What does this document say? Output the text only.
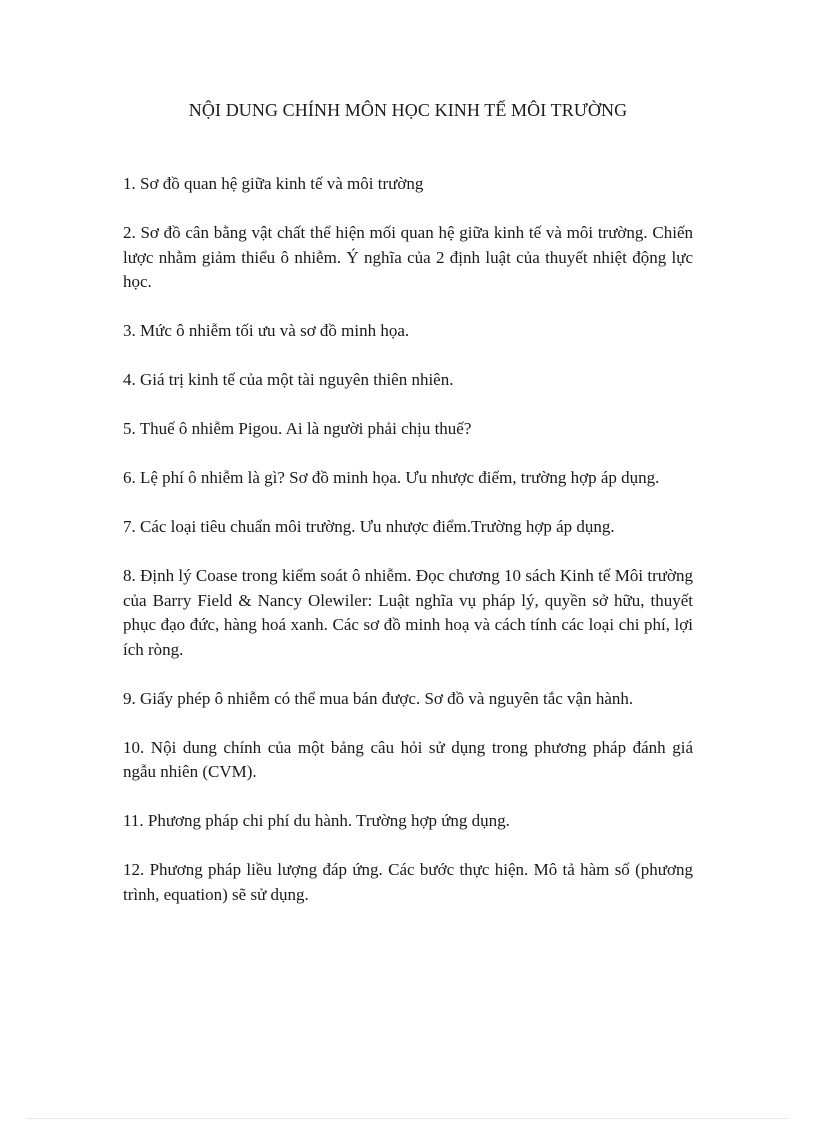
NỘI DUNG CHÍNH MÔN HỌC KINH TẾ MÔI TRƯỜNG
1. Sơ đồ quan hệ giữa kinh tế và môi trường
2. Sơ đồ cân bằng vật chất thể hiện mối quan hệ giữa kinh tế và môi trường. Chiến lược nhằm giảm thiểu ô nhiễm. Ý nghĩa của 2 định luật của thuyết nhiệt động lực học.
3. Mức ô nhiễm tối ưu và sơ đồ minh họa.
4. Giá trị kinh tế của một tài nguyên thiên nhiên.
5. Thuế ô nhiễm Pigou. Ai là người phải chịu thuế?
6. Lệ phí ô nhiễm là gì? Sơ đồ minh họa. Ưu nhược điểm, trường hợp áp dụng.
7. Các loại tiêu chuẩn môi trường. Ưu nhược điểm.Trường hợp áp dụng.
8. Định lý Coase trong kiểm soát ô nhiễm. Đọc chương 10 sách Kinh tế Môi trường của Barry Field & Nancy Olewiler: Luật nghĩa vụ pháp lý, quyền sở hữu, thuyết phục đạo đức, hàng hoá xanh. Các sơ đồ minh hoạ và cách tính các loại chi phí, lợi ích ròng.
9. Giấy phép ô nhiễm có thể mua bán được. Sơ đồ và nguyên tắc vận hành.
10. Nội dung chính của một bảng câu hỏi sử dụng trong phương pháp đánh giá ngẫu nhiên (CVM).
11. Phương pháp chi phí du hành. Trường hợp ứng dụng.
12. Phương pháp liều lượng đáp ứng. Các bước thực hiện. Mô tả hàm số (phương trình, equation) sẽ sử dụng.
